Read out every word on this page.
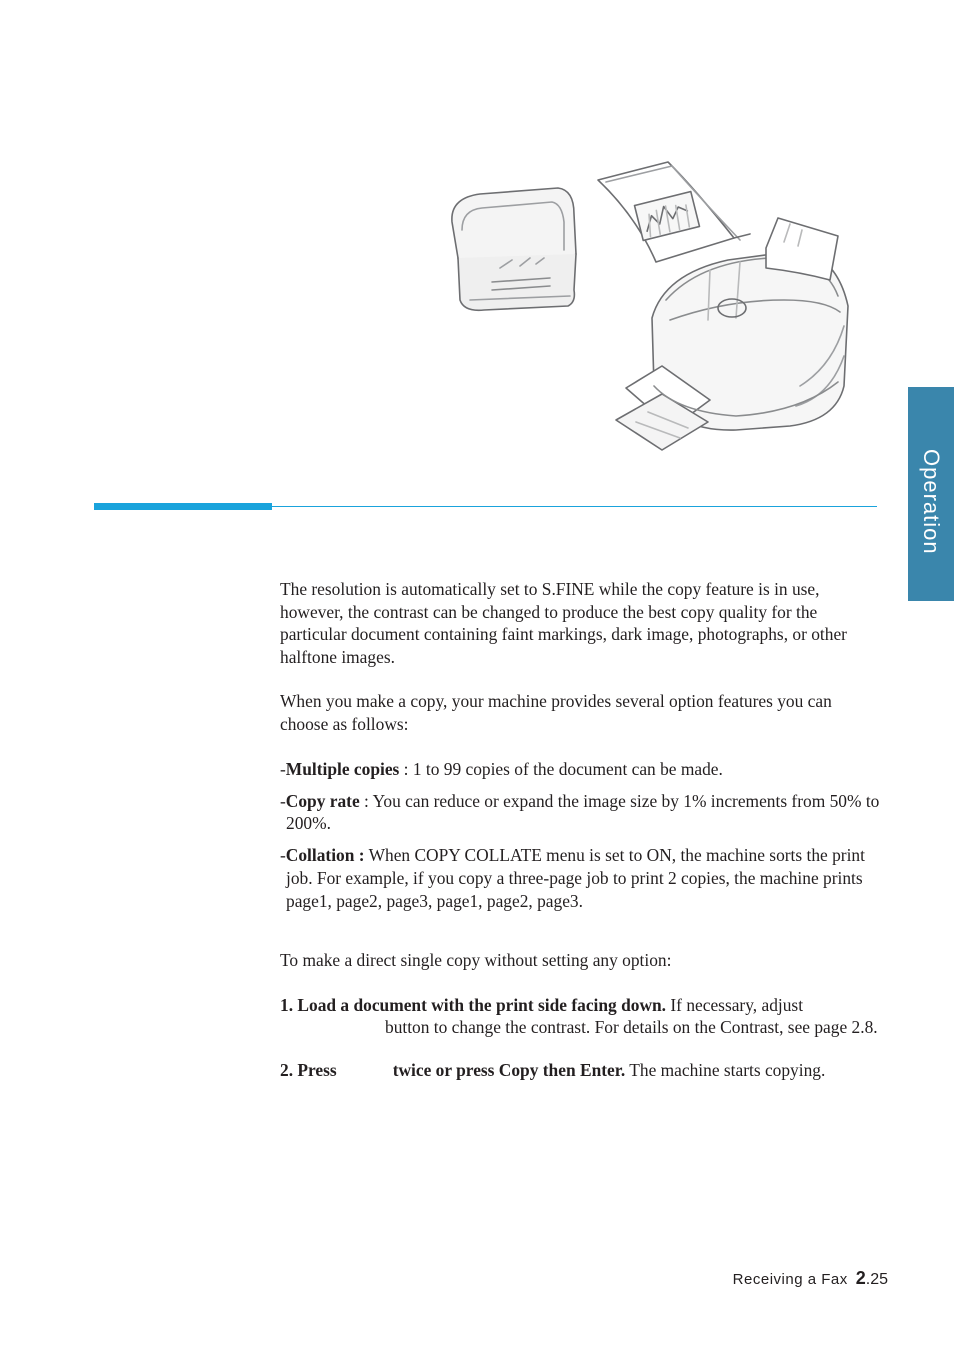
Operation

The resolution is automatically set to S.FINE while the copy feature is in use, however, the contrast can be changed to produce the best copy quality for the particular document containing faint markings, dark image, photographs, or other halftone images.

When you make a copy, your machine provides several option features you can choose as follows:

-Multiple copies : 1 to 99 copies of the document can be made.

-Copy rate : You can reduce or expand the image size by 1% increments from 50% to 200%.

-Collation : When COPY COLLATE menu is set to ON, the machine sorts the print job. For example, if you copy a three-page job to print 2 copies, the machine prints page1, page2, page3, page1, page2, page3.

To make a direct single copy without setting any option:

1. Load a document with the print side facing down. If necessary, adjustbutton to change the contrast. For details on the Contrast, see page 2.8.

2. Press	twice or press Copy then Enter. The machine starts copying.

Receiving a Fax 2.25
